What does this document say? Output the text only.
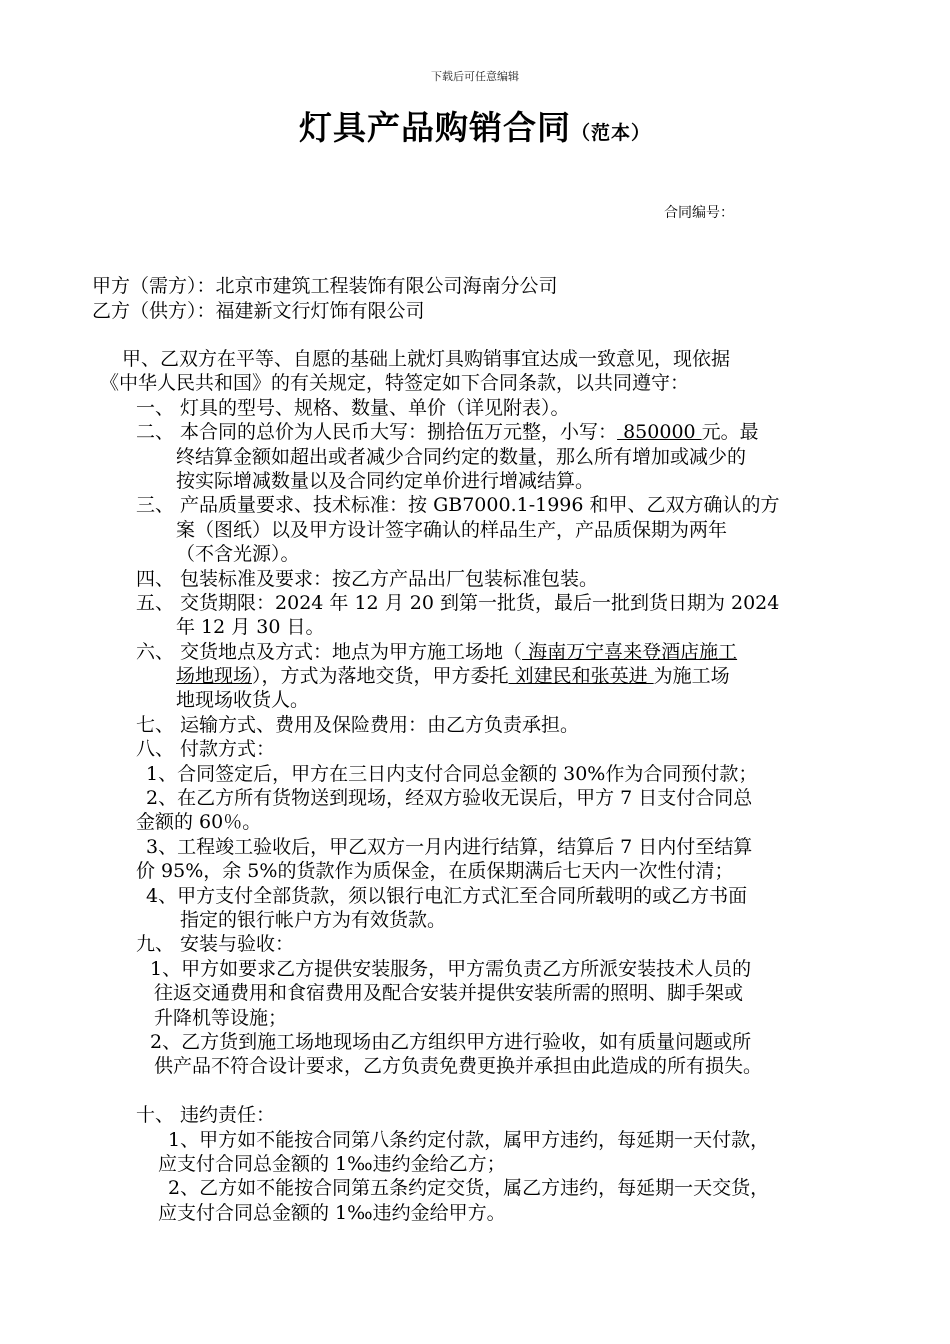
下载后可任意编辑
灯具产品购销合同（范本）
合同编号：
甲方（需方）：北京市建筑工程装饰有限公司海南分公司
乙方（供方）：福建新文行灯饰有限公司
甲、乙双方在平等、自愿的基础上就灯具购销事宜达成一致意见，现依据
《中华人民共和国》的有关规定，特签定如下合同条款，以共同遵守：
一、 灯具的型号、规格、数量、单价（详见附表）。
二、 本合同的总价为人民币大写：捌拾伍万元整，小写： 850000 元。最
终结算金额如超出或者减少合同约定的数量，那么所有增加或减少的
按实际增减数量以及合同约定单价进行增减结算。
三、 产品质量要求、技术标准：按 GB7000.1-1996 和甲、乙双方确认的方
案（图纸）以及甲方设计签字确认的样品生产，产品质保期为两年
（不含光源）。
四、 包装标准及要求：按乙方产品出厂包装标准包装。
五、 交货期限：2024 年 12 月 20 到第一批货，最后一批到货日期为 2024
年 12 月 30 日。
六、 交货地点及方式：地点为甲方施工场地（ 海南万宁喜来登酒店施工
场地现场），方式为落地交货，甲方委托 刘建民和张英进 为施工场
地现场收货人。
七、 运输方式、费用及保险费用：由乙方负责承担。
八、 付款方式：
1、合同签定后，甲方在三日内支付合同总金额的 30%作为合同预付款；
2、在乙方所有货物送到现场，经双方验收无误后，甲方 7 日支付合同总
金额的 60％。
3、工程竣工验收后，甲乙双方一月内进行结算，结算后 7 日内付至结算
价 95%，余 5%的货款作为质保金，在质保期满后七天内一次性付清；
4、甲方支付全部货款，须以银行电汇方式汇至合同所载明的或乙方书面
指定的银行帐户方为有效货款。
九、 安装与验收：
1、甲方如要求乙方提供安装服务，甲方需负责乙方所派安装技术人员的
往返交通费用和食宿费用及配合安装并提供安装所需的照明、脚手架或
升降机等设施；
2、乙方货到施工场地现场由乙方组织甲方进行验收，如有质量问题或所
供产品不符合设计要求，乙方负责免费更换并承担由此造成的所有损失。
十、 违约责任：
1、甲方如不能按合同第八条约定付款，属甲方违约，每延期一天付款，
应支付合同总金额的 1‰违约金给乙方；
2、乙方如不能按合同第五条约定交货，属乙方违约，每延期一天交货，
应支付合同总金额的 1‰违约金给甲方。
